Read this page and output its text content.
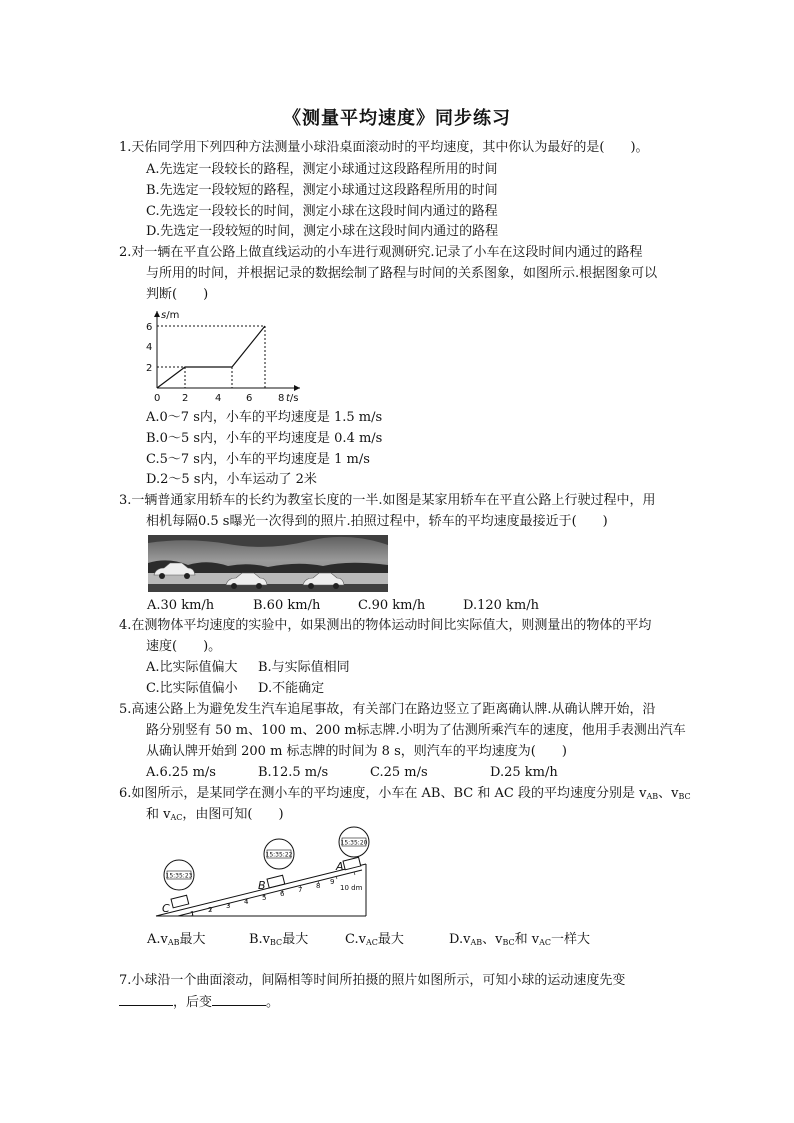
《测量平均速度》同步练习
1.天佑同学用下列四种方法测量小球沿桌面滚动时的平均速度，其中你认为最好的是(　　)。
A.先选定一段较长的路程，测定小球通过这段路程所用的时间
B.先选定一段较短的路程，测定小球通过这段路程所用的时间
C.先选定一段较长的时间，测定小球在这段时间内通过的路程
D.先选定一段较短的时间，测定小球在这段时间内通过的路程
2.对一辆在平直公路上做直线运动的小车进行观测研究.记录了小车在这段时间内通过的路程
与所用的时间，并根据记录的数据绘制了路程与时间的关系图象，如图所示.根据图象可以
判断(　　)
s/m
2
4
6
0 2	4 6	8 t/s
A.0～7 s内，小车的平均速度是 1.5 m/s
B.0～5 s内，小车的平均速度是 0.4 m/s
C.5～7 s内，小车的平均速度是 1 m/s
D.2～5 s内，小车运动了 2米
3.一辆普通家用轿车的长约为教室长度的一半.如图是某家用轿车在平直公路上行驶过程中，用
相机每隔0.5 s曝光一次得到的照片.拍照过程中，轿车的平均速度最接近于(　　)
A.30 km/h	B.60 km/h	C.90 km/h	D.120 km/h
4.在测物体平均速度的实验中，如果测出的物体运动时间比实际值大，则测量出的物体的平均
速度(　　)。
A.比实际值偏大 B.与实际值相同
C.比实际值偏小 D.不能确定
5.高速公路上为避免发生汽车追尾事故，有关部门在路边竖立了距离确认牌.从确认牌开始，沿
路分别竖有 50 m、100 m、200 m标志牌.小明为了估测所乘汽车的速度，他用手表测出汽车
从确认牌开始到 200 m 标志牌的时间为 8 s，则汽车的平均速度为(　　)
A.6.25 m/s	B.12.5 m/s	C.25 m/s	D.25 km/h
6.如图所示，是某同学在测小车的平均速度，小车在 AB、BC 和 AC 段的平均速度分别是 $v_{AB}$、$v_{BC}$
和 $v_{AC}$，由图可知(　　)
1 2 3 4 5 6 7 8 9
10 dm
C
B
A
15:35:23
15:35:22
15:35:20
$A.v_{AB}$最大	$B.v_{BC}$最大	$C.v_{AC}$最大	$D.v_{AB}$、$v_{BC}$和 $v_{AC}$一样大
7.小球沿一个曲面滚动，间隔相等时间所拍摄的照片如图所示，可知小球的运动速度先变
，后变	。
